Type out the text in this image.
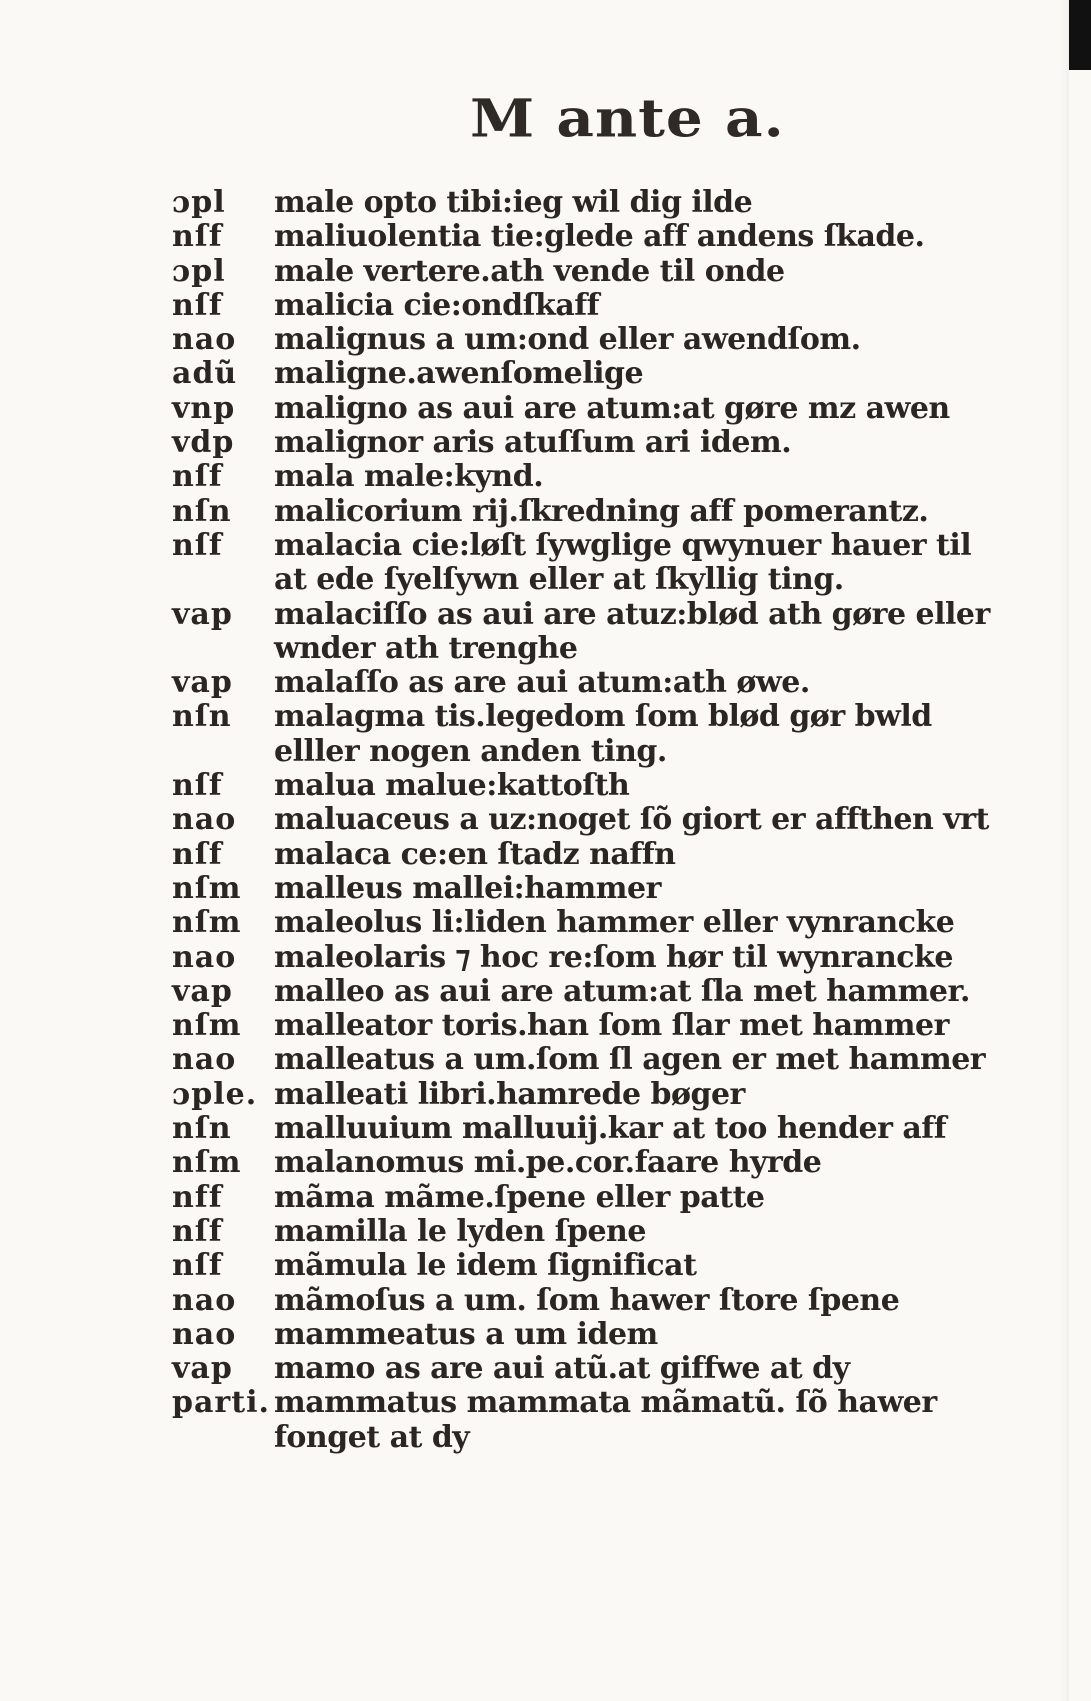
M ante a.
ɔpl	male opto tibi:ieg wil dig ilde
nſf	maliuolentia tie:glede aff andens ſkade.
ɔpl	male vertere.ath vende til onde
nſf	malicia cie:ondſkaff
nao	malignus a um:ond eller awendſom.
adũ	maligne.awenſomelige
vnp	maligno as aui are atum:at gøre mz awen
vdp	malignor aris atuſſum ari idem.
nſf	mala male:kynd.
nſn	malicorium rij.ſkredning aff pomerantz.
nſf	malacia cie:løſt ſywglige qwynuer hauer til
at ede ſyelſywn eller at ſkyllig ting.
vap	malaciſſo as aui are atuz:blød ath gøre eller
wnder ath trenghe
vap	malaſſo as are aui atum:ath øwe.
nſn	malagma tis.legedom ſom blød gør bwld
elller nogen anden ting.
nſf	malua malue:kattoſth
nao	maluaceus a uz:noget ſõ giort er affthen vrt
nſf	malaca ce:en ſtadz naffn
nſm	malleus mallei:hammer
nſm	maleolus li:liden hammer eller vynrancke
nao	maleolaris ⁊ hoc re:ſom hør til wynrancke
vap	malleo as aui are atum:at ſla met hammer.
nſm	malleator toris.han ſom ſlar met hammer
nao	malleatus a um.ſom ſl agen er met hammer
ɔple. malleati libri.hamrede bøger
nſn	malluuium malluuij.kar at too hender aff
nſm	malanomus mi.pe.cor.faare hyrde
nff	mãma mãme.ſpene eller patte
nſf	mamilla le lyden ſpene
nſf	mãmula le idem ſignificat
nao	mãmoſus a um. ſom hawer ſtore ſpene
nao	mammeatus a um idem
vap	mamo as are aui atũ.at giffwe at dy
parti. mammatus mammata mãmatũ. ſõ hawer
fonget at dy
